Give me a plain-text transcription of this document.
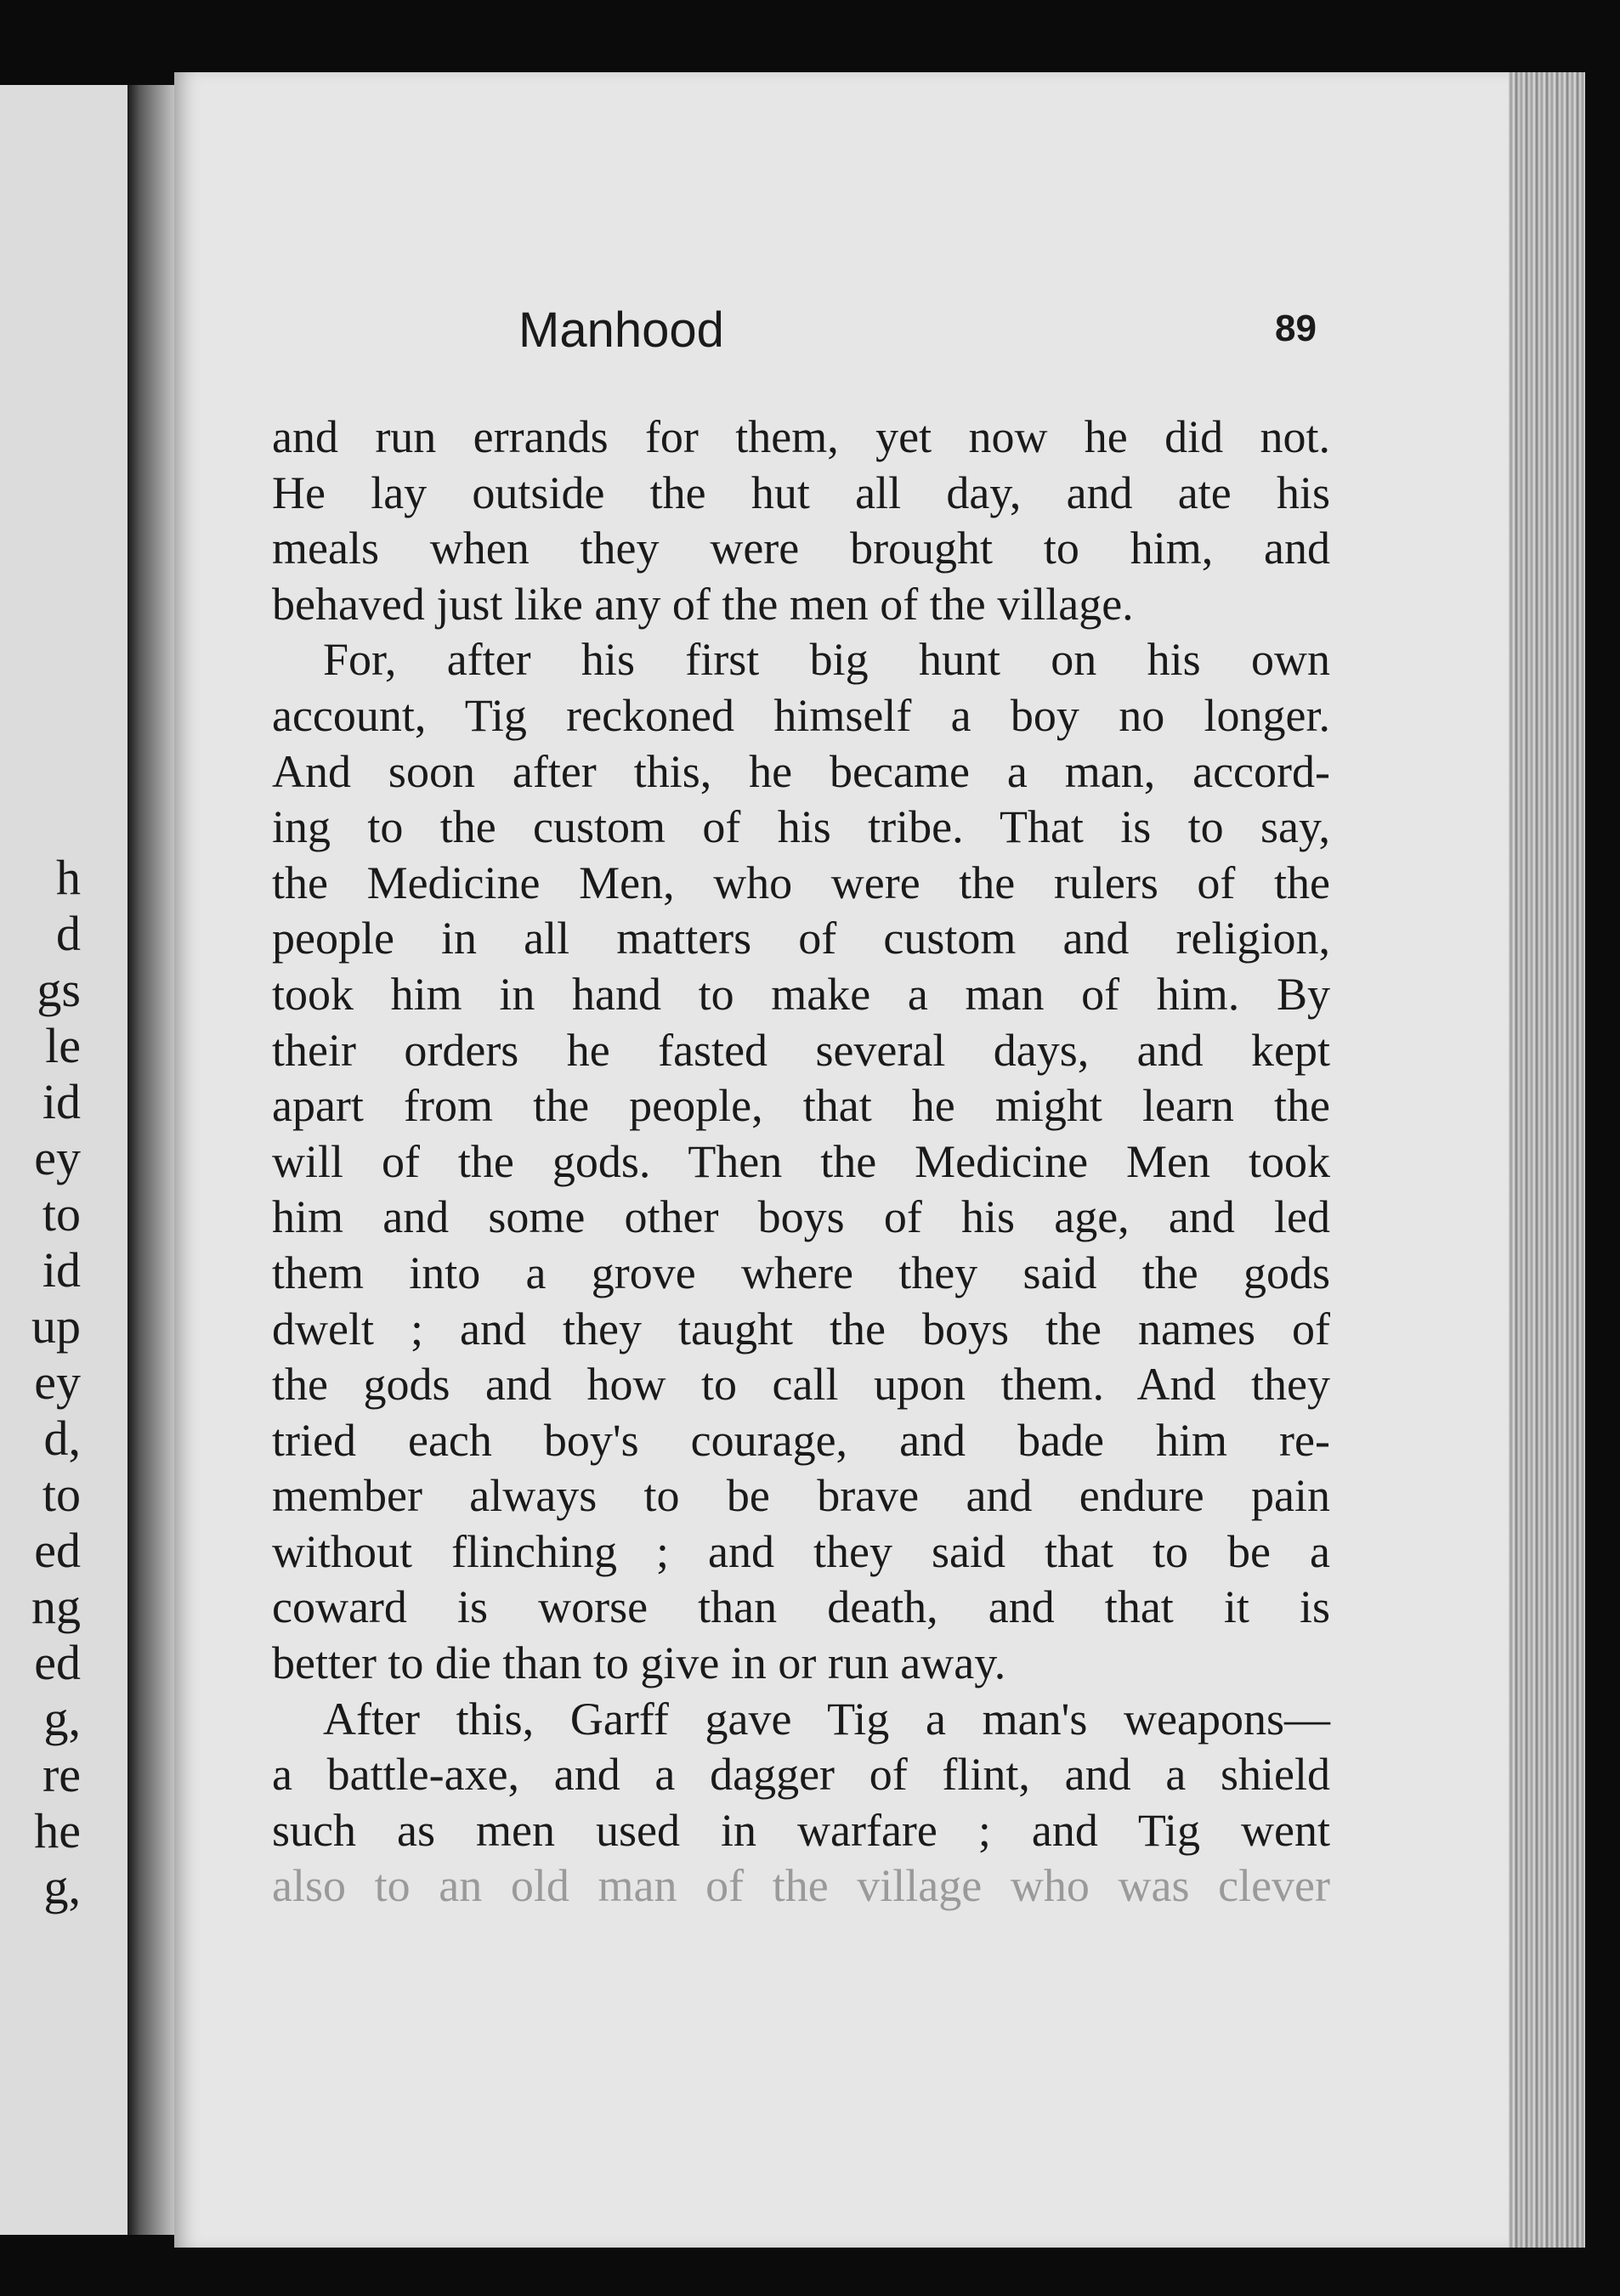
h
d
gs
le
id
ey
to
id
up
ey
d,
to
ed
ng
ed
g,
re
he
g,
Manhood	89
and run errands for them, yet now he did not.
He lay outside the hut all day, and ate his
meals when they were brought to him, and
behaved just like any of the men of the village.
For, after his first big hunt on his own
account, Tig reckoned himself a boy no longer.
And soon after this, he became a man, accord-
ing to the custom of his tribe. That is to say,
the Medicine Men, who were the rulers of the
people in all matters of custom and religion,
took him in hand to make a man of him. By
their orders he fasted several days, and kept
apart from the people, that he might learn the
will of the gods. Then the Medicine Men took
him and some other boys of his age, and led
them into a grove where they said the gods
dwelt ; and they taught the boys the names of
the gods and how to call upon them. And they
tried each boy's courage, and bade him re-
member always to be brave and endure pain
without flinching ; and they said that to be a
coward is worse than death, and that it is
better to die than to give in or run away.
After this, Garff gave Tig a man's weapons—
a battle-axe, and a dagger of flint, and a shield
such as men used in warfare ; and Tig went
also to an old man of the village who was clever
